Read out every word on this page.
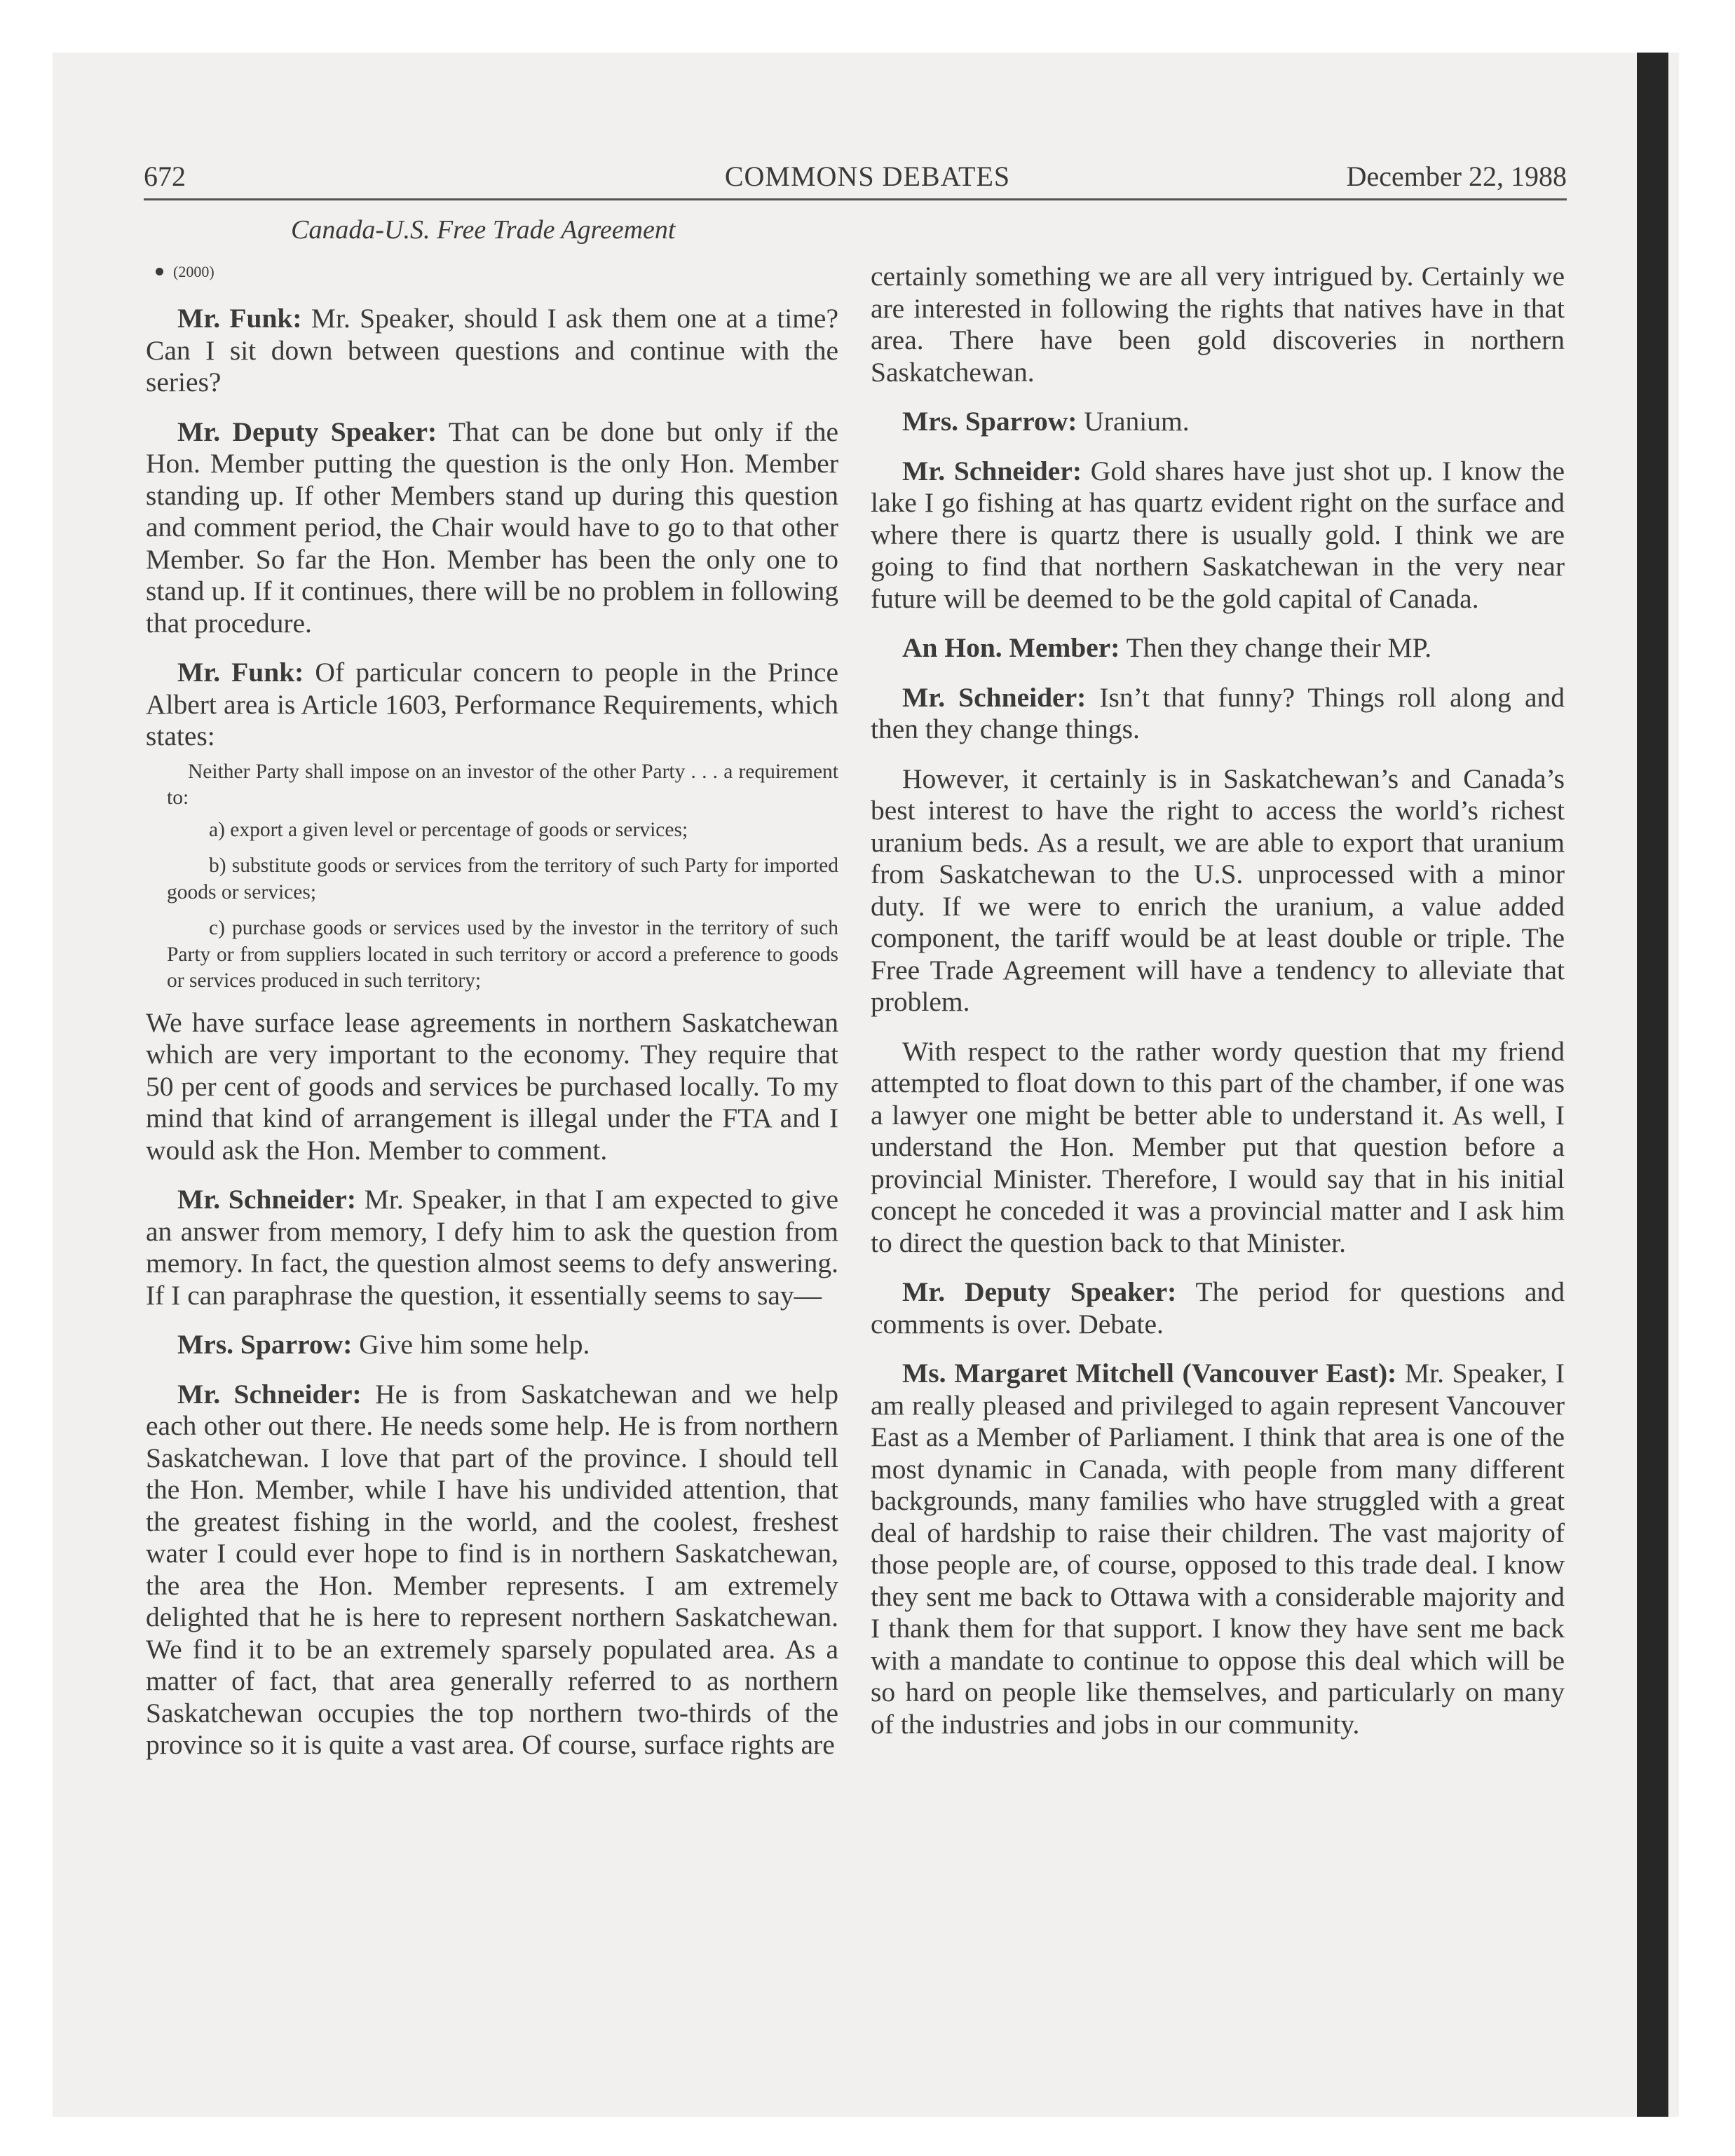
672	COMMONS DEBATES	December 22, 1988
Canada-U.S. Free Trade Agreement
(2000)

Mr. Funk: Mr. Speaker, should I ask them one at a time? Can I sit down between questions and continue with the series?

Mr. Deputy Speaker: That can be done but only if the Hon. Member putting the question is the only Hon. Member standing up. If other Members stand up during this question and comment period, the Chair would have to go to that other Member. So far the Hon. Member has been the only one to stand up. If it continues, there will be no problem in following that procedure.

Mr. Funk: Of particular concern to people in the Prince Albert area is Article 1603, Performance Requirements, which states:

Neither Party shall impose on an investor of the other Party . . . a requirement to:

a) export a given level or percentage of goods or services;

b) substitute goods or services from the territory of such Party for imported goods or services;

c) purchase goods or services used by the investor in the territory of such Party or from suppliers located in such territory or accord a preference to goods or services produced in such territory;

We have surface lease agreements in northern Saskatchewan which are very important to the economy. They require that 50 per cent of goods and services be purchased locally. To my mind that kind of arrangement is illegal under the FTA and I would ask the Hon. Member to comment.

Mr. Schneider: Mr. Speaker, in that I am expected to give an answer from memory, I defy him to ask the question from memory. In fact, the question almost seems to defy answering. If I can paraphrase the question, it essentially seems to say—

Mrs. Sparrow: Give him some help.

Mr. Schneider: He is from Saskatchewan and we help each other out there. He needs some help. He is from northern Saskatchewan. I love that part of the province. I should tell the Hon. Member, while I have his undivided attention, that the greatest fishing in the world, and the coolest, freshest water I could ever hope to find is in northern Saskatchewan, the area the Hon. Member represents. I am extremely delighted that he is here to represent northern Saskatchewan. We find it to be an extremely sparsely populated area. As a matter of fact, that area generally referred to as northern Saskatchewan occupies the top northern two-thirds of the province so it is quite a vast area. Of course, surface rights are

certainly something we are all very intrigued by. Certainly we are interested in following the rights that natives have in that area. There have been gold discoveries in northern Saskatchewan.

Mrs. Sparrow: Uranium.

Mr. Schneider: Gold shares have just shot up. I know the lake I go fishing at has quartz evident right on the surface and where there is quartz there is usually gold. I think we are going to find that northern Saskatchewan in the very near future will be deemed to be the gold capital of Canada.

An Hon. Member: Then they change their MP.

Mr. Schneider: Isn’t that funny? Things roll along and then they change things.

However, it certainly is in Saskatchewan’s and Canada’s best interest to have the right to access the world’s richest uranium beds. As a result, we are able to export that uranium from Saskatchewan to the U.S. unprocessed with a minor duty. If we were to enrich the uranium, a value added component, the tariff would be at least double or triple. The Free Trade Agreement will have a tendency to alleviate that problem.

With respect to the rather wordy question that my friend attempted to float down to this part of the chamber, if one was a lawyer one might be better able to understand it. As well, I understand the Hon. Member put that question before a provincial Minister. Therefore, I would say that in his initial concept he conceded it was a provincial matter and I ask him to direct the question back to that Minister.

Mr. Deputy Speaker: The period for questions and comments is over. Debate.

Ms. Margaret Mitchell (Vancouver East): Mr. Speaker, I am really pleased and privileged to again represent Vancouver East as a Member of Parliament. I think that area is one of the most dynamic in Canada, with people from many different backgrounds, many families who have struggled with a great deal of hardship to raise their children. The vast majority of those people are, of course, opposed to this trade deal. I know they sent me back to Ottawa with a considerable majority and I thank them for that support. I know they have sent me back with a mandate to continue to oppose this deal which will be so hard on people like themselves, and particularly on many of the industries and jobs in our community.
